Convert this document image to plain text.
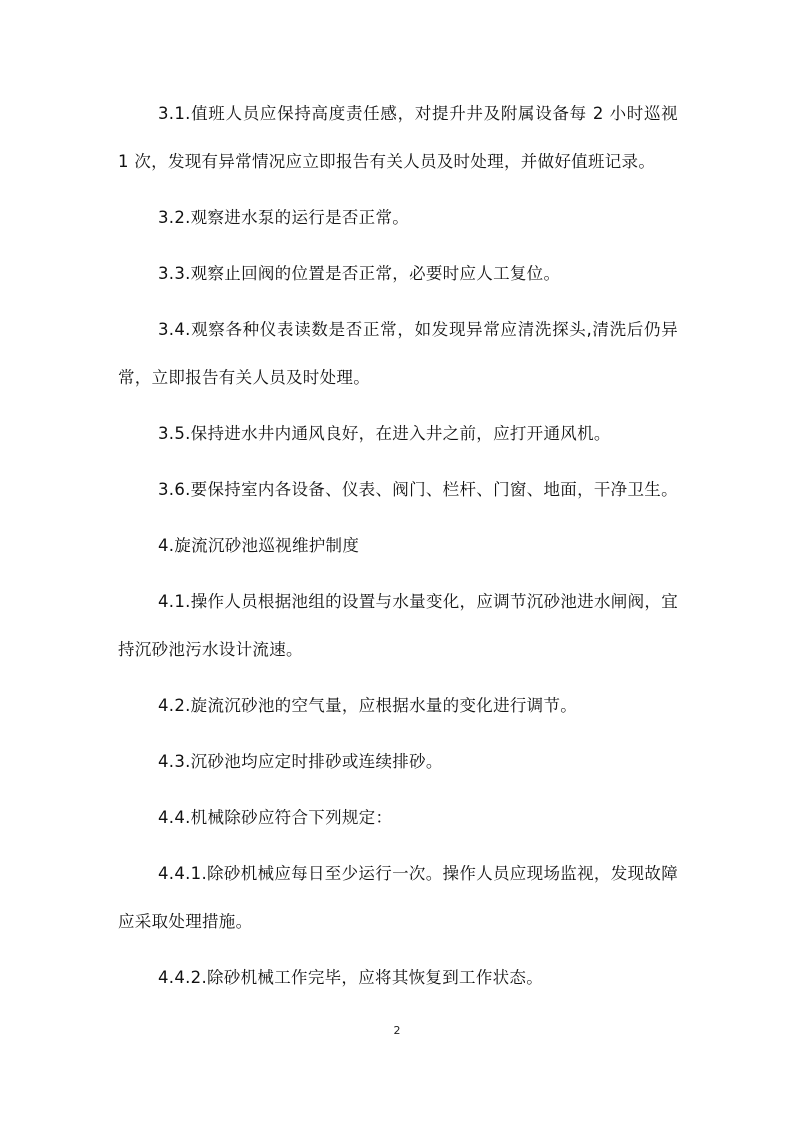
3.1.值班人员应保持高度责任感，对提升井及附属设备每 2 小时巡视 1 次，发现有异常情况应立即报告有关人员及时处理，并做好值班记录。

3.2.观察进水泵的运行是否正常。

3.3.观察止回阀的位置是否正常，必要时应人工复位。

3.4.观察各种仪表读数是否正常，如发现异常应清洗探头,清洗后仍异常，立即报告有关人员及时处理。

3.5.保持进水井内通风良好，在进入井之前，应打开通风机。

3.6.要保持室内各设备、仪表、阀门、栏杆、门窗、地面，干净卫生。

4.旋流沉砂池巡视维护制度

4.1.操作人员根据池组的设置与水量变化，应调节沉砂池进水闸阀，宜持沉砂池污水设计流速。

4.2.旋流沉砂池的空气量，应根据水量的变化进行调节。

4.3.沉砂池均应定时排砂或连续排砂。

4.4.机械除砂应符合下列规定：

4.4.1.除砂机械应每日至少运行一次。操作人员应现场监视，发现故障应采取处理措施。

4.4.2.除砂机械工作完毕，应将其恢复到工作状态。

2
